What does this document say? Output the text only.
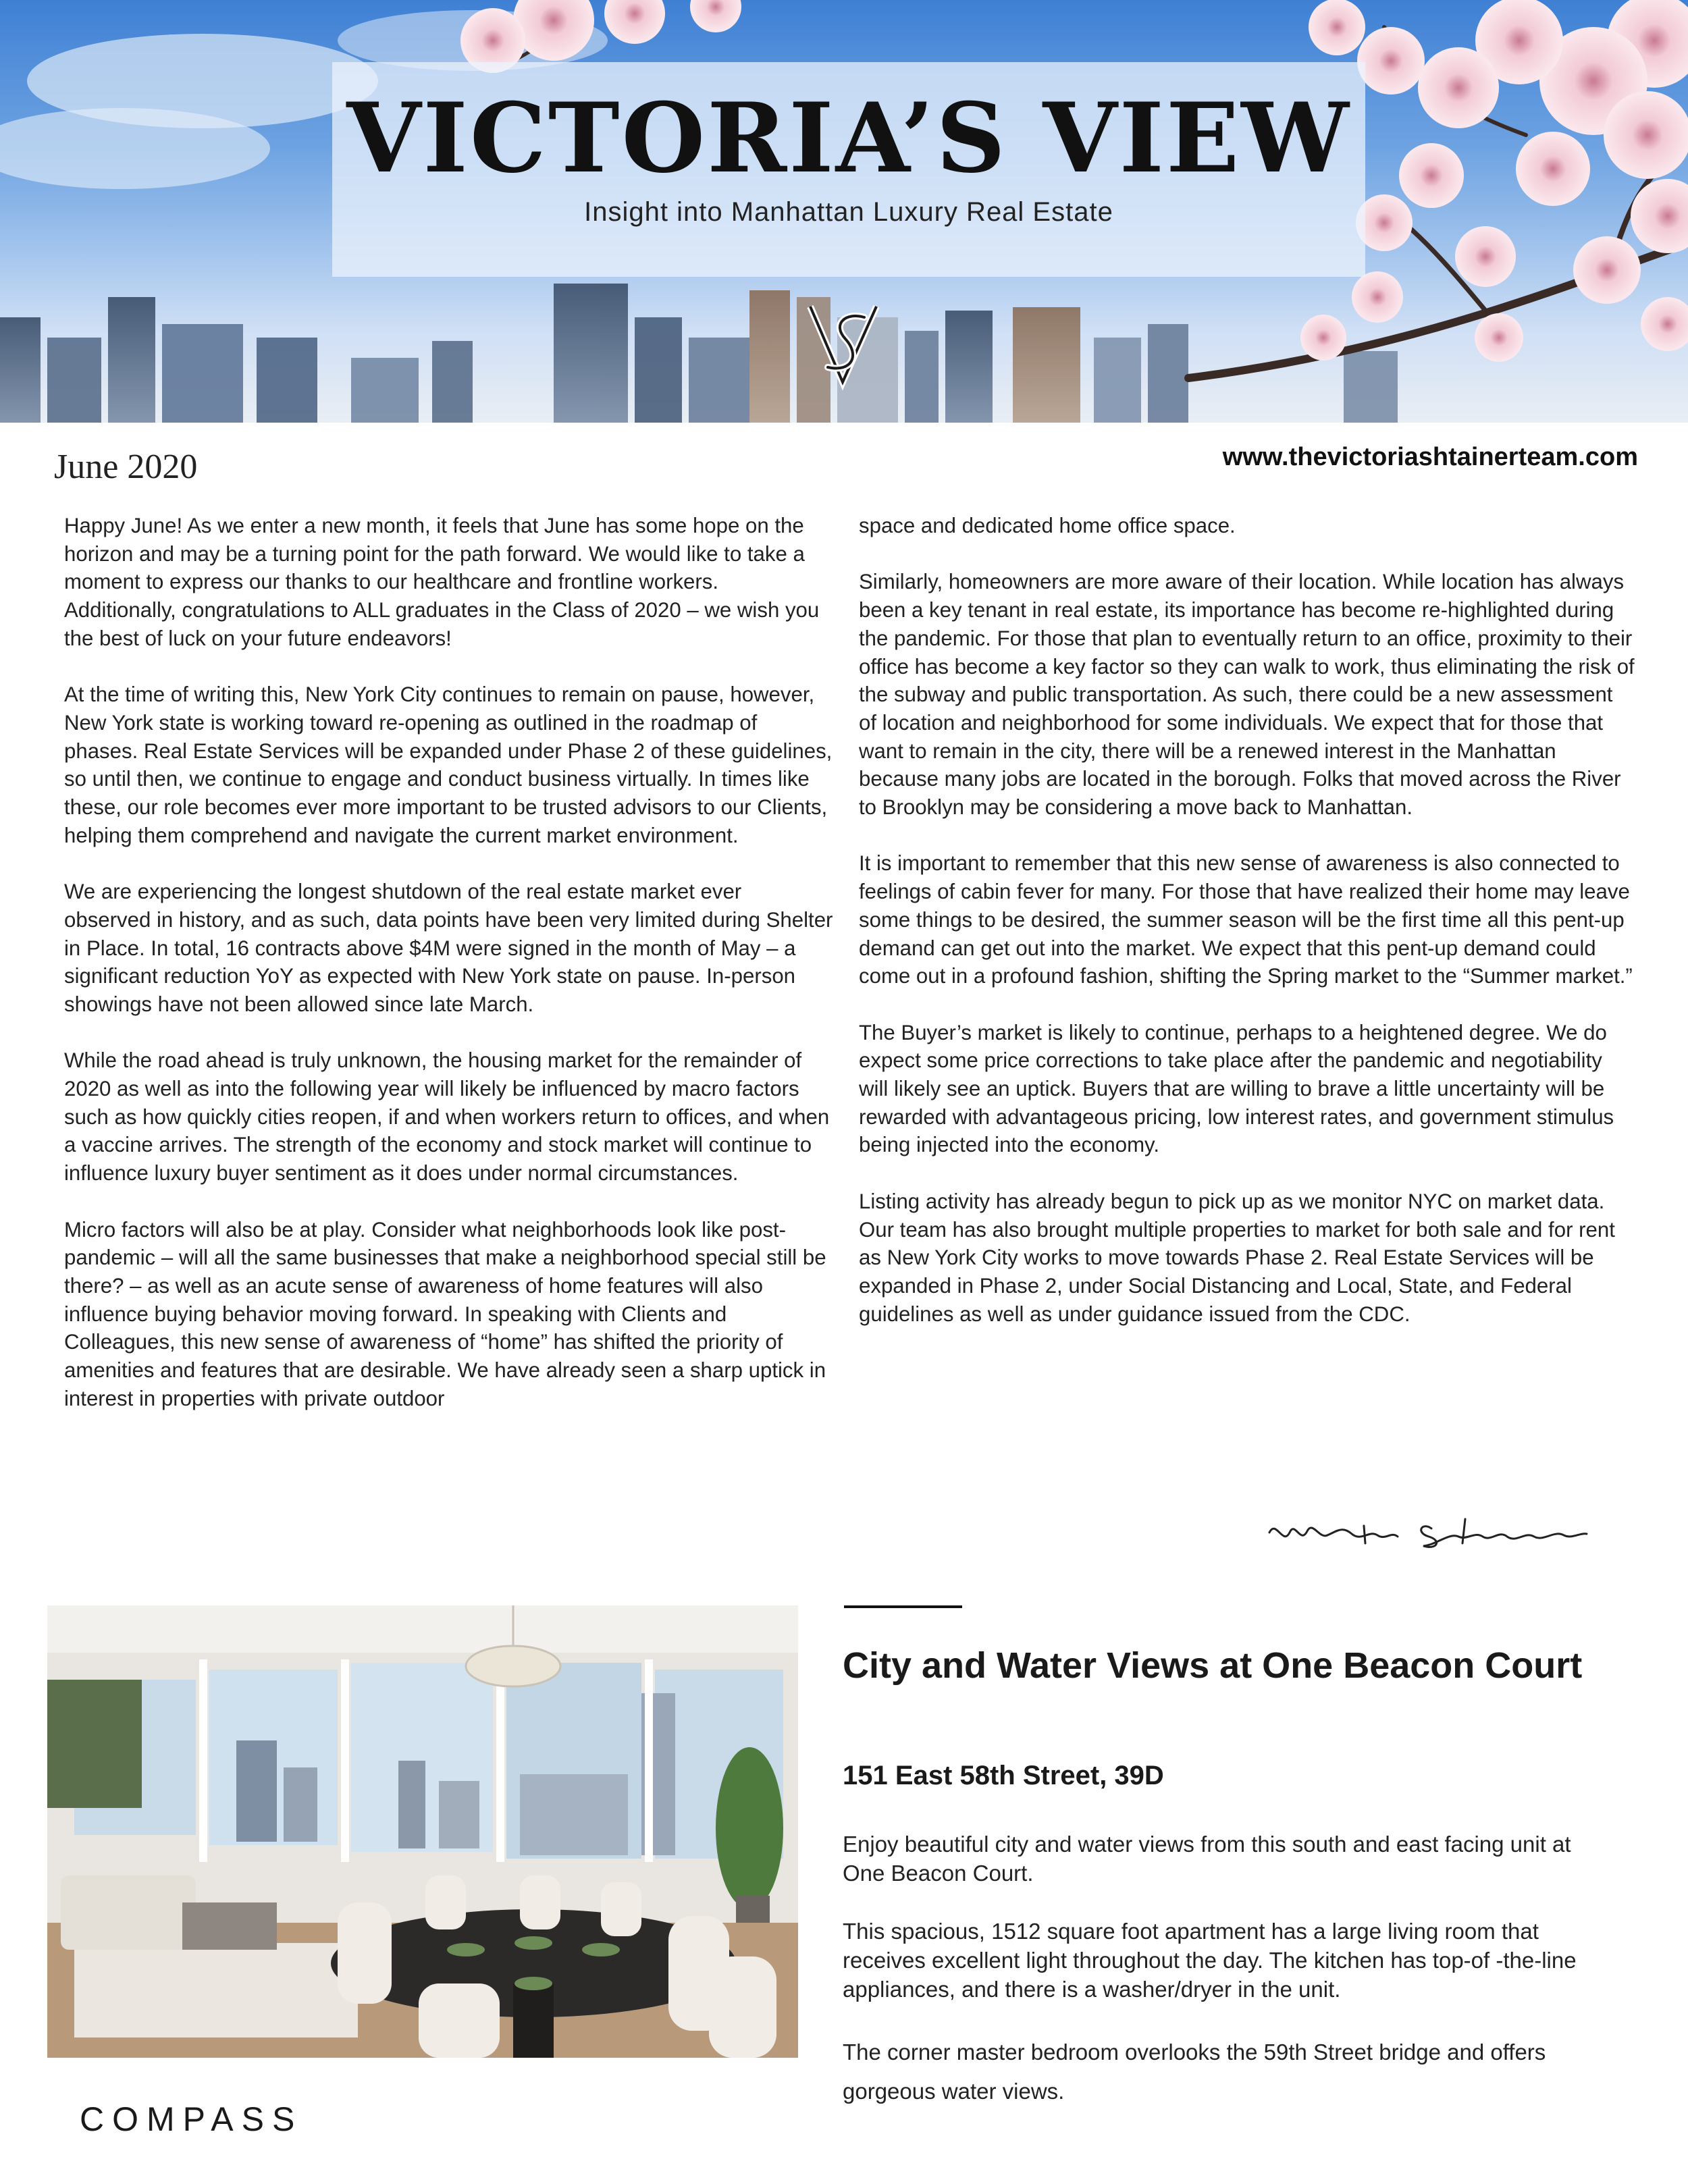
VICTORIA’S VIEW
Insight into Manhattan Luxury Real Estate
June 2020	www.thevictoriashtainerteam.com

Happy June! As we enter a new month, it feels that June has some hope on the horizon and may be a turning point for the path forward. We would like to take a moment to express our thanks to our healthcare and frontline workers. Additionally, congratulations to ALL graduates in the Class of 2020 – we wish you the best of luck on your future endeavors!

At the time of writing this, New York City continues to remain on pause, however, New York state is working toward re-opening as outlined in the roadmap of phases. Real Estate Services will be expanded under Phase 2 of these guidelines, so until then, we continue to engage and conduct business virtually. In times like these, our role becomes ever more important to be trusted advisors to our Clients, helping them comprehend and navigate the current market environment.

We are experiencing the longest shutdown of the real estate market ever observed in history, and as such, data points have been very limited during Shelter in Place. In total, 16 contracts above $4M were signed in the month of May – a significant reduction YoY as expected with New York state on pause. In-person showings have not been allowed since late March.

While the road ahead is truly unknown, the housing market for the remainder of 2020 as well as into the following year will likely be influenced by macro factors such as how quickly cities reopen, if and when workers return to offices, and when a vaccine arrives. The strength of the economy and stock market will continue to influence luxury buyer sentiment as it does under normal circumstances.

Micro factors will also be at play. Consider what neighborhoods look like post-pandemic – will all the same businesses that make a neighborhood special still be there? – as well as an acute sense of awareness of home features will also influence buying behavior moving forward. In speaking with Clients and Colleagues, this new sense of awareness of “home” has shifted the priority of amenities and features that are desirable. We have already seen a sharp uptick in interest in properties with private outdoor

space and dedicated home office space.

Similarly, homeowners are more aware of their location. While location has always been a key tenant in real estate, its importance has become re-highlighted during the pandemic. For those that plan to eventually return to an office, proximity to their office has become a key factor so they can walk to work, thus eliminating the risk of the subway and public transportation. As such, there could be a new assessment of location and neighborhood for some individuals. We expect that for those that want to remain in the city, there will be a renewed interest in the Manhattan because many jobs are located in the borough. Folks that moved across the River to Brooklyn may be considering a move back to Manhattan.

It is important to remember that this new sense of awareness is also connected to feelings of cabin fever for many. For those that have realized their home may leave some things to be desired, the summer season will be the first time all this pent-up demand can get out into the market. We expect that this pent-up demand could come out in a profound fashion, shifting the Spring market to the “Summer market.”

The Buyer’s market is likely to continue, perhaps to a heightened degree. We do expect some price corrections to take place after the pandemic and negotiability will likely see an uptick. Buyers that are willing to brave a little uncertainty will be rewarded with advantageous pricing, low interest rates, and government stimulus being injected into the economy.

Listing activity has already begun to pick up as we monitor NYC on market data. Our team has also brought multiple properties to market for both sale and for rent as New York City works to move towards Phase 2. Real Estate Services will be expanded in Phase 2, under Social Distancing and Local, State, and Federal guidelines as well as under guidance issued from the CDC.

City and Water Views at One Beacon Court
151 East 58th Street, 39D

Enjoy beautiful city and water views from this south and east facing unit at One Beacon Court.

This spacious, 1512 square foot apartment has a large living room that receives excellent light throughout the day. The kitchen has top-of -the-line appliances, and there is a washer/dryer in the unit.

The corner master bedroom overlooks the 59th Street bridge and offers gorgeous water views.

COMPASS
